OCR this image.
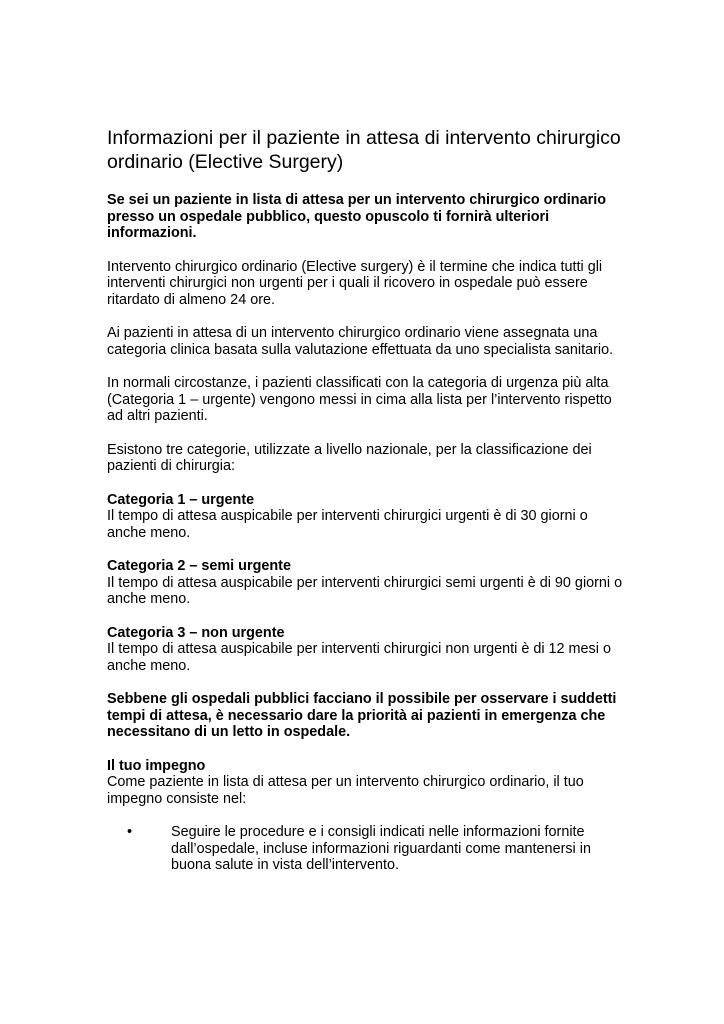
Informazioni per il paziente in attesa di intervento chirurgico ordinario (Elective Surgery)

Se sei un paziente in lista di attesa per un intervento chirurgico ordinario presso un ospedale pubblico, questo opuscolo ti fornirà ulteriori informazioni.

Intervento chirurgico ordinario (Elective surgery) è il termine che indica tutti gli interventi chirurgici non urgenti per i quali il ricovero in ospedale può essere ritardato di almeno 24 ore.

Ai pazienti in attesa di un intervento chirurgico ordinario viene assegnata una categoria clinica basata sulla valutazione effettuata da uno specialista sanitario.

In normali circostanze, i pazienti classificati con la categoria di urgenza più alta (Categoria 1 – urgente) vengono messi in cima alla lista per l’intervento rispetto ad altri pazienti.

Esistono tre categorie, utilizzate a livello nazionale, per la classificazione dei pazienti di chirurgia:

Categoria 1 – urgente

Il tempo di attesa auspicabile per interventi chirurgici urgenti è di 30 giorni o anche meno.

Categoria 2 – semi urgente

Il tempo di attesa auspicabile per interventi chirurgici semi urgenti è di 90 giorni o anche meno.

Categoria 3 – non urgente

Il tempo di attesa auspicabile per interventi chirurgici non urgenti è di 12 mesi o anche meno.

Sebbene gli ospedali pubblici facciano il possibile per osservare i suddetti tempi di attesa, è necessario dare la priorità ai pazienti in emergenza che necessitano di un letto in ospedale.

Il tuo impegno

Come paziente in lista di attesa per un intervento chirurgico ordinario, il tuo impegno consiste nel:

•	Seguire le procedure e i consigli indicati nelle informazioni fornite dall’ospedale, incluse informazioni riguardanti come mantenersi in buona salute in vista dell’intervento.
